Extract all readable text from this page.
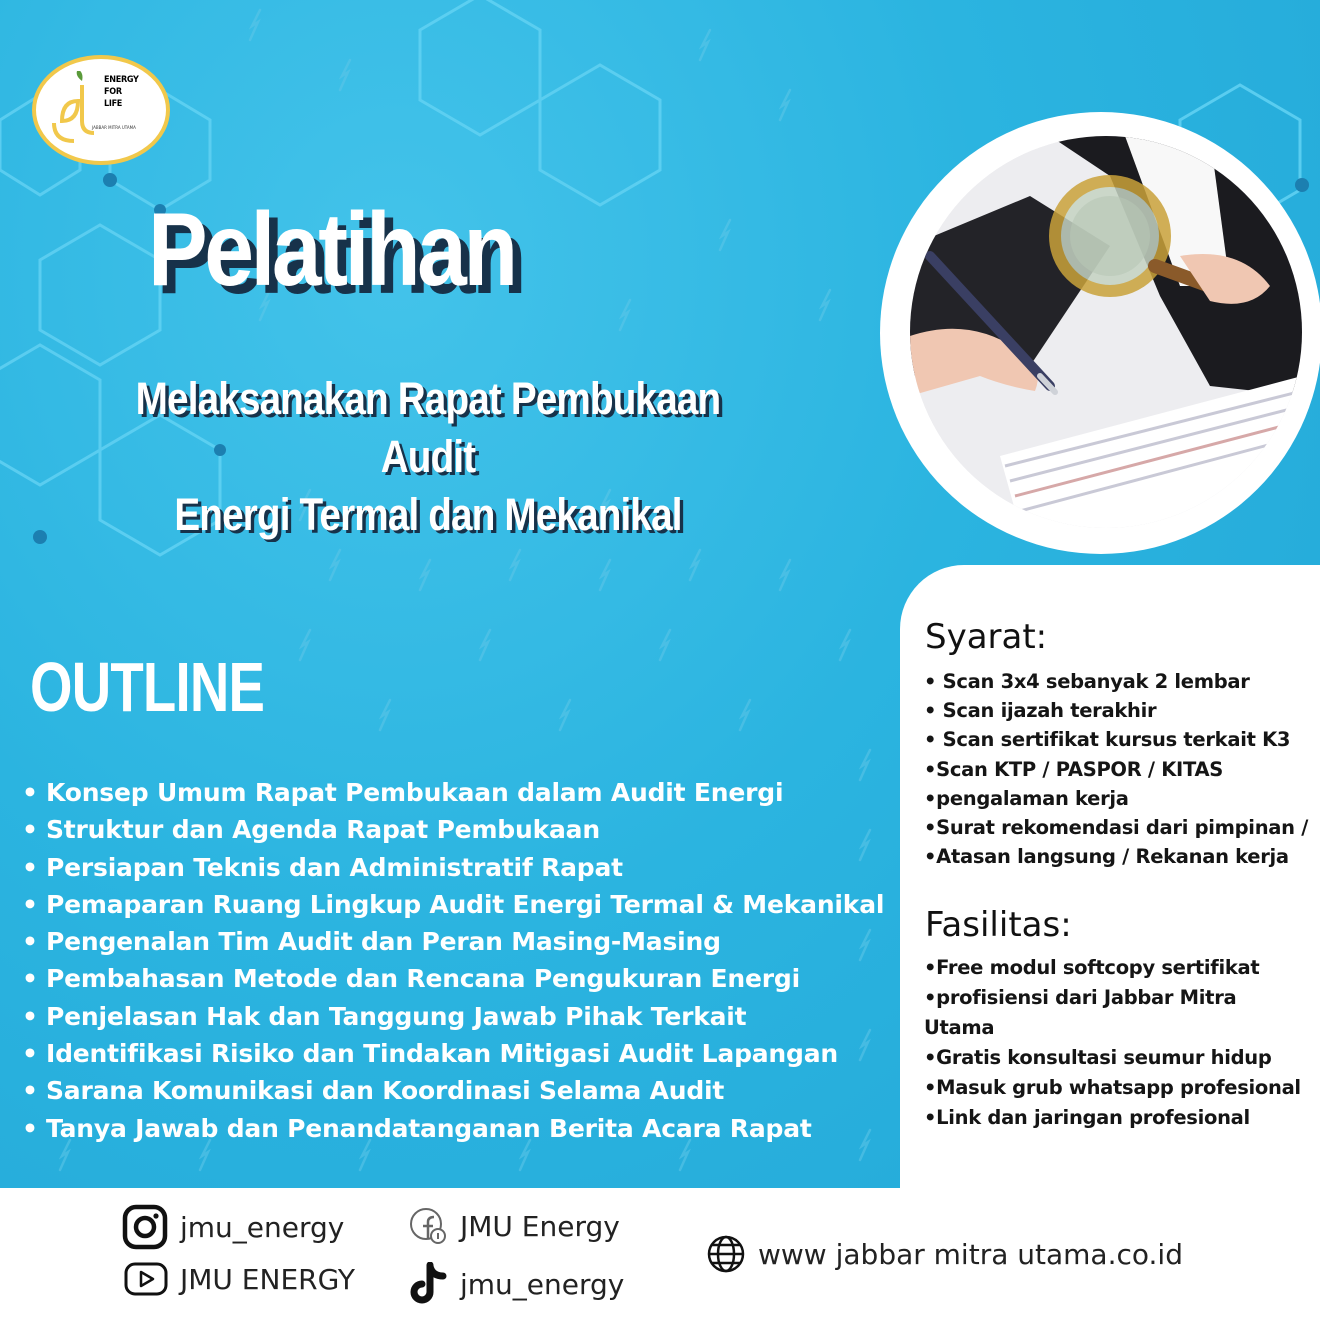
ENERGY
FOR
LIFE
JABBAR MITRA UTAMA
Pelatihan
Melaksanakan Rapat Pembukaan Audit
Energi Termal dan Mekanikal
OUTLINE
• Konsep Umum Rapat Pembukaan dalam Audit Energi
• Struktur dan Agenda Rapat Pembukaan
• Persiapan Teknis dan Administratif Rapat
• Pemaparan Ruang Lingkup Audit Energi Termal & Mekanikal
• Pengenalan Tim Audit dan Peran Masing-Masing
• Pembahasan Metode dan Rencana Pengukuran Energi
• Penjelasan Hak dan Tanggung Jawab Pihak Terkait
• Identifikasi Risiko dan Tindakan Mitigasi Audit Lapangan
• Sarana Komunikasi dan Koordinasi Selama Audit
• Tanya Jawab dan Penandatanganan Berita Acara Rapat
Syarat:
• Scan 3x4 sebanyak 2 lembar
• Scan ijazah terakhir
• Scan sertifikat kursus terkait K3
•Scan KTP / PASPOR / KITAS
•pengalaman kerja
•Surat rekomendasi dari pimpinan /
•Atasan langsung / Rekanan kerja
Fasilitas:
•Free modul softcopy sertifikat
•profisiensi dari Jabbar Mitra Utama
•Gratis konsultasi seumur hidup
•Masuk grub whatsapp profesional
•Link dan jaringan profesional
jmu_energy	JMU Energy
JMU ENERGY	jmu_energy
www jabbar mitra utama.co.id
